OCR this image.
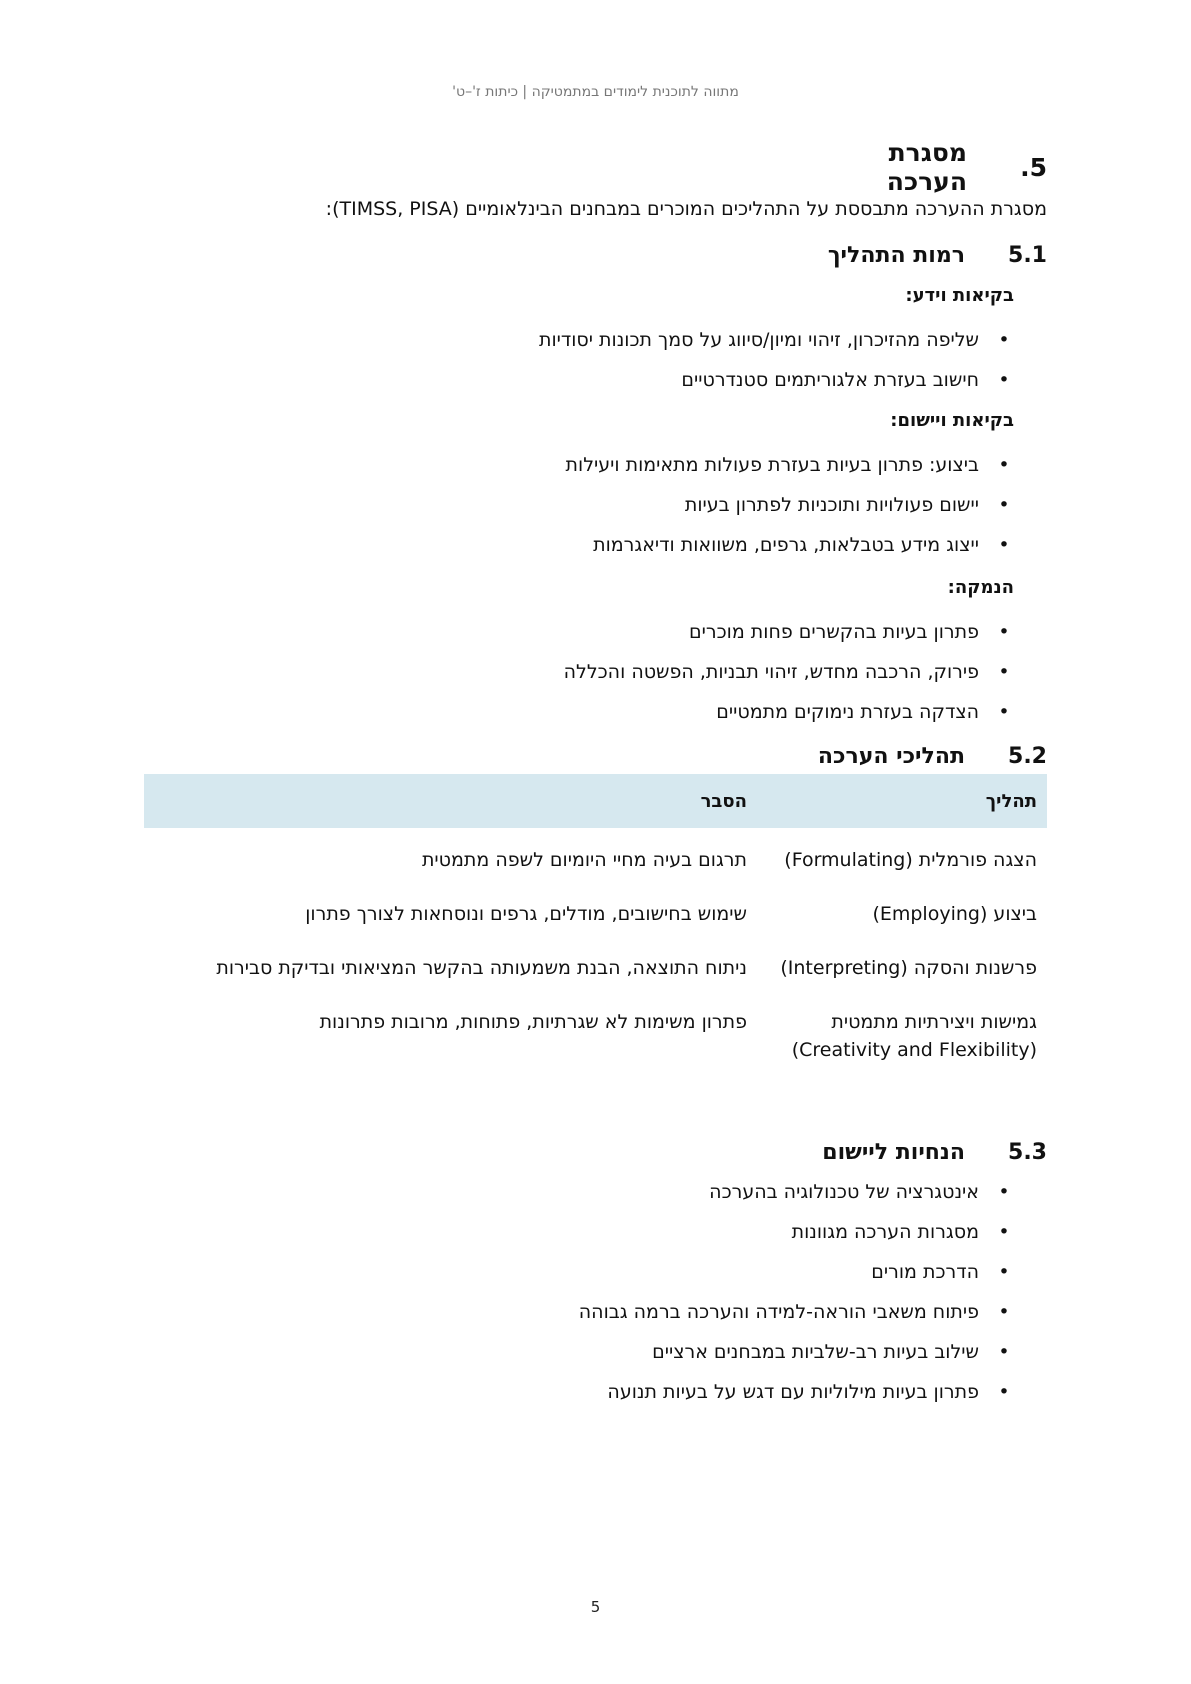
מתווה לתוכנית לימודים במתמטיקה | כיתות ז'–ט'
5.
מסגרת הערכה
מסגרת ההערכה מתבססת על התהליכים המוכרים במבחנים הבינלאומיים (TIMSS, PISA):
5.1
רמות התהליך
בקיאות וידע:
•
שליפה מהזיכרון, זיהוי ומיון/סיווג על סמך תכונות יסודיות
•
חישוב בעזרת אלגוריתמים סטנדרטיים
בקיאות ויישום:
•
ביצוע: פתרון בעיות בעזרת פעולות מתאימות ויעילות
•
יישום פעולויות ותוכניות לפתרון בעיות
•
ייצוג מידע בטבלאות, גרפים, משוואות ודיאגרמות
הנמקה:
•
פתרון בעיות בהקשרים פחות מוכרים
•
פירוק, הרכבה מחדש, זיהוי תבניות, הפשטה והכללה
•
הצדקה בעזרת נימוקים מתמטיים
5.2
תהליכי הערכה
תהליך
הסבר
הצגה פורמלית (Formulating)
תרגום בעיה מחיי היומיום לשפה מתמטית
ביצוע (Employing)
שימוש בחישובים, מודלים, גרפים ונוסחאות לצורך פתרון
פרשנות והסקה (Interpreting)
ניתוח התוצאה, הבנת משמעותה בהקשר המציאותי ובדיקת סבירות
גמישות ויצירתיות מתמטית (Creativity and Flexibility)
פתרון משימות לא שגרתיות, פתוחות, מרובות פתרונות
5.3
הנחיות ליישום
•
אינטגרציה של טכנולוגיה בהערכה
•
מסגרות הערכה מגוונות
•
הדרכת מורים
•
פיתוח משאבי הוראה-למידה והערכה ברמה גבוהה
•
שילוב בעיות רב-שלביות במבחנים ארציים
•
פתרון בעיות מילוליות עם דגש על בעיות תנועה
5
